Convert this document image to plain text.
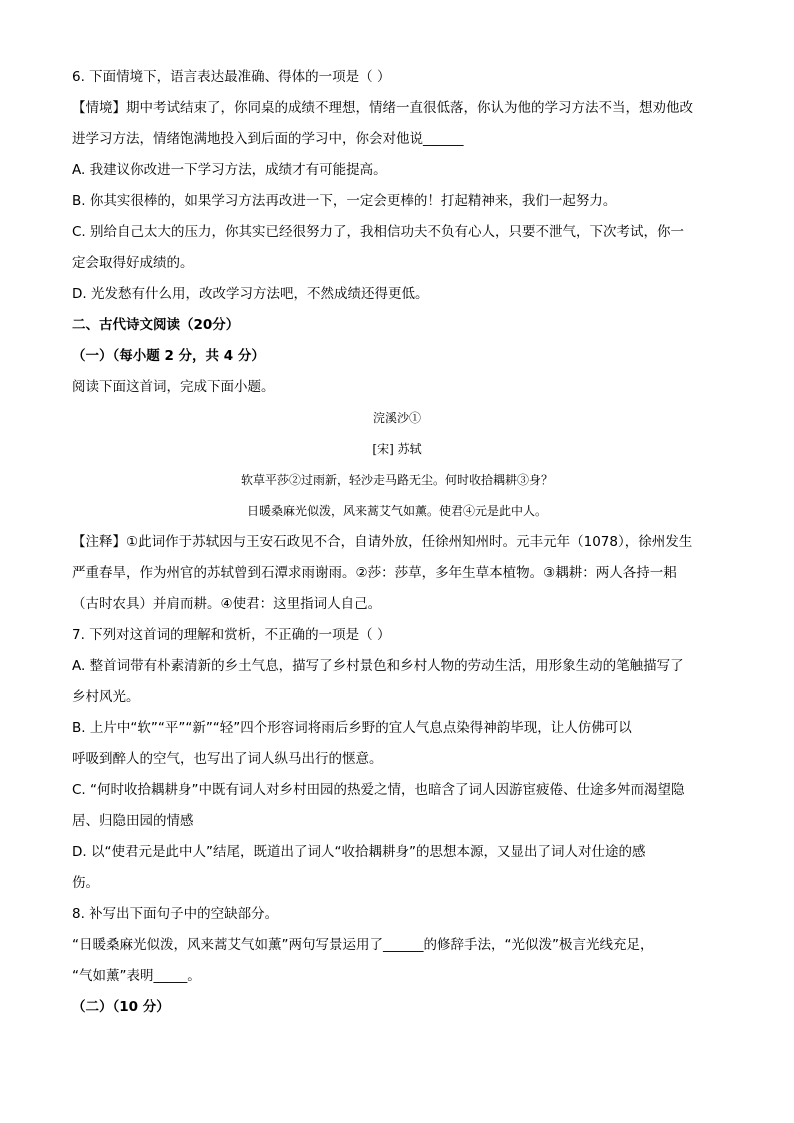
6. 下面情境下，语言表达最准确、得体的一项是（ ）
【情境】期中考试结束了，你同桌的成绩不理想，情绪一直很低落，你认为他的学习方法不当，想劝他改
进学习方法，情绪饱满地投入到后面的学习中，你会对他说______
A. 我建议你改进一下学习方法，成绩才有可能提高。
B. 你其实很棒的，如果学习方法再改进一下，一定会更棒的！打起精神来，我们一起努力。
C. 别给自己太大的压力，你其实已经很努力了，我相信功夫不负有心人，只要不泄气，下次考试，你一
定会取得好成绩的。
D. 光发愁有什么用，改改学习方法吧，不然成绩还得更低。
二、古代诗文阅读（20分）
（一）（每小题 2 分，共 4 分）
阅读下面这首词，完成下面小题。
浣溪沙①
[宋] 苏轼
软草平莎②过雨新，轻沙走马路无尘。何时收拾耦耕③身？
日暖桑麻光似泼，风来蒿艾气如薰。使君④元是此中人。
【注释】①此词作于苏轼因与王安石政见不合，自请外放，任徐州知州时。元丰元年（1078），徐州发生
严重春旱，作为州官的苏轼曾到石潭求雨谢雨。②莎：莎草，多年生草本植物。③耦耕：两人各持一耜
（古时农具）并肩而耕。④使君：这里指词人自己。
7. 下列对这首词的理解和赏析，不正确的一项是（ ）
A. 整首词带有朴素清新的乡土气息，描写了乡村景色和乡村人物的劳动生活，用形象生动的笔触描写了
乡村风光。
B. 上片中“软”“平”“新”“轻”四个形容词将雨后乡野的宜人气息点染得神韵毕现，让人仿佛可以
呼吸到醉人的空气，也写出了词人纵马出行的惬意。
C. “何时收拾耦耕身”中既有词人对乡村田园的热爱之情，也暗含了词人因游宦疲倦、仕途多舛而渴望隐
居、归隐田园的情感
D. 以“使君元是此中人”结尾，既道出了词人“收拾耦耕身”的思想本源，又显出了词人对仕途的感
伤。
8. 补写出下面句子中的空缺部分。
“日暖桑麻光似泼，风来蒿艾气如薰”两句写景运用了______的修辞手法，“光似泼”极言光线充足，
“气如薰”表明_____。
（二）（10 分）
